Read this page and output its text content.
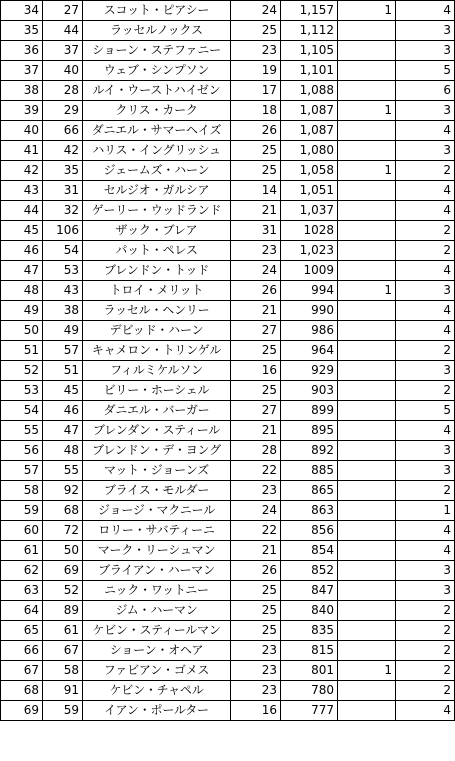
34	27	スコット・ピアシー	24	1,157	1	4
35	44	ラッセルノックス	25	1,112		3
36	37	ショーン・ステファニー	23	1,105		3
37	40	ウェブ・シンプソン	19	1,101		5
38	28	ルイ・ウーストハイゼン	17	1,088		6
39	29	クリス・カーク	18	1,087	1	3
40	66	ダニエル・サマーヘイズ	26	1,087		4
41	42	ハリス・イングリッシュ	25	1,080		3
42	35	ジェームズ・ハーン	25	1,058	1	2
43	31	セルジオ・ガルシア	14	1,051		4
44	32	ゲーリー・ウッドランド	21	1,037		4
45	106	ザック・ブレア	31	1028		2
46	54	パット・ペレス	23	1,023		2
47	53	ブレンドン・トッド	24	1009		4
48	43	トロイ・メリット	26	994	1	3
49	38	ラッセル・ヘンリー	21	990		4
50	49	デビッド・ハーン	27	986		4
51	57	キャメロン・トリンゲル	25	964		2
52	51	フィルミケルソン	16	929		3
53	45	ビリー・ホーシェル	25	903		2
54	46	ダニエル・バーガー	27	899		5
55	47	ブレンダン・スティール	21	895		4
56	48	ブレンドン・デ・ヨング	28	892		3
57	55	マット・ジョーンズ	22	885		3
58	92	ブライス・モルダー	23	865		2
59	68	ジョージ・マクニール	24	863		1
60	72	ロリー・サバティーニ	22	856		4
61	50	マーク・リーシュマン	21	854		4
62	69	ブライアン・ハーマン	26	852		3
63	52	ニック・ワットニー	25	847		3
64	89	ジム・ハーマン	25	840		2
65	61	ケビン・スティールマン	25	835		2
66	67	ショーン・オヘア	23	815		2
67	58	ファビアン・ゴメス	23	801	1	2
68	91	ケビン・チャペル	23	780		2
69	59	イアン・ポールター	16	777		4
